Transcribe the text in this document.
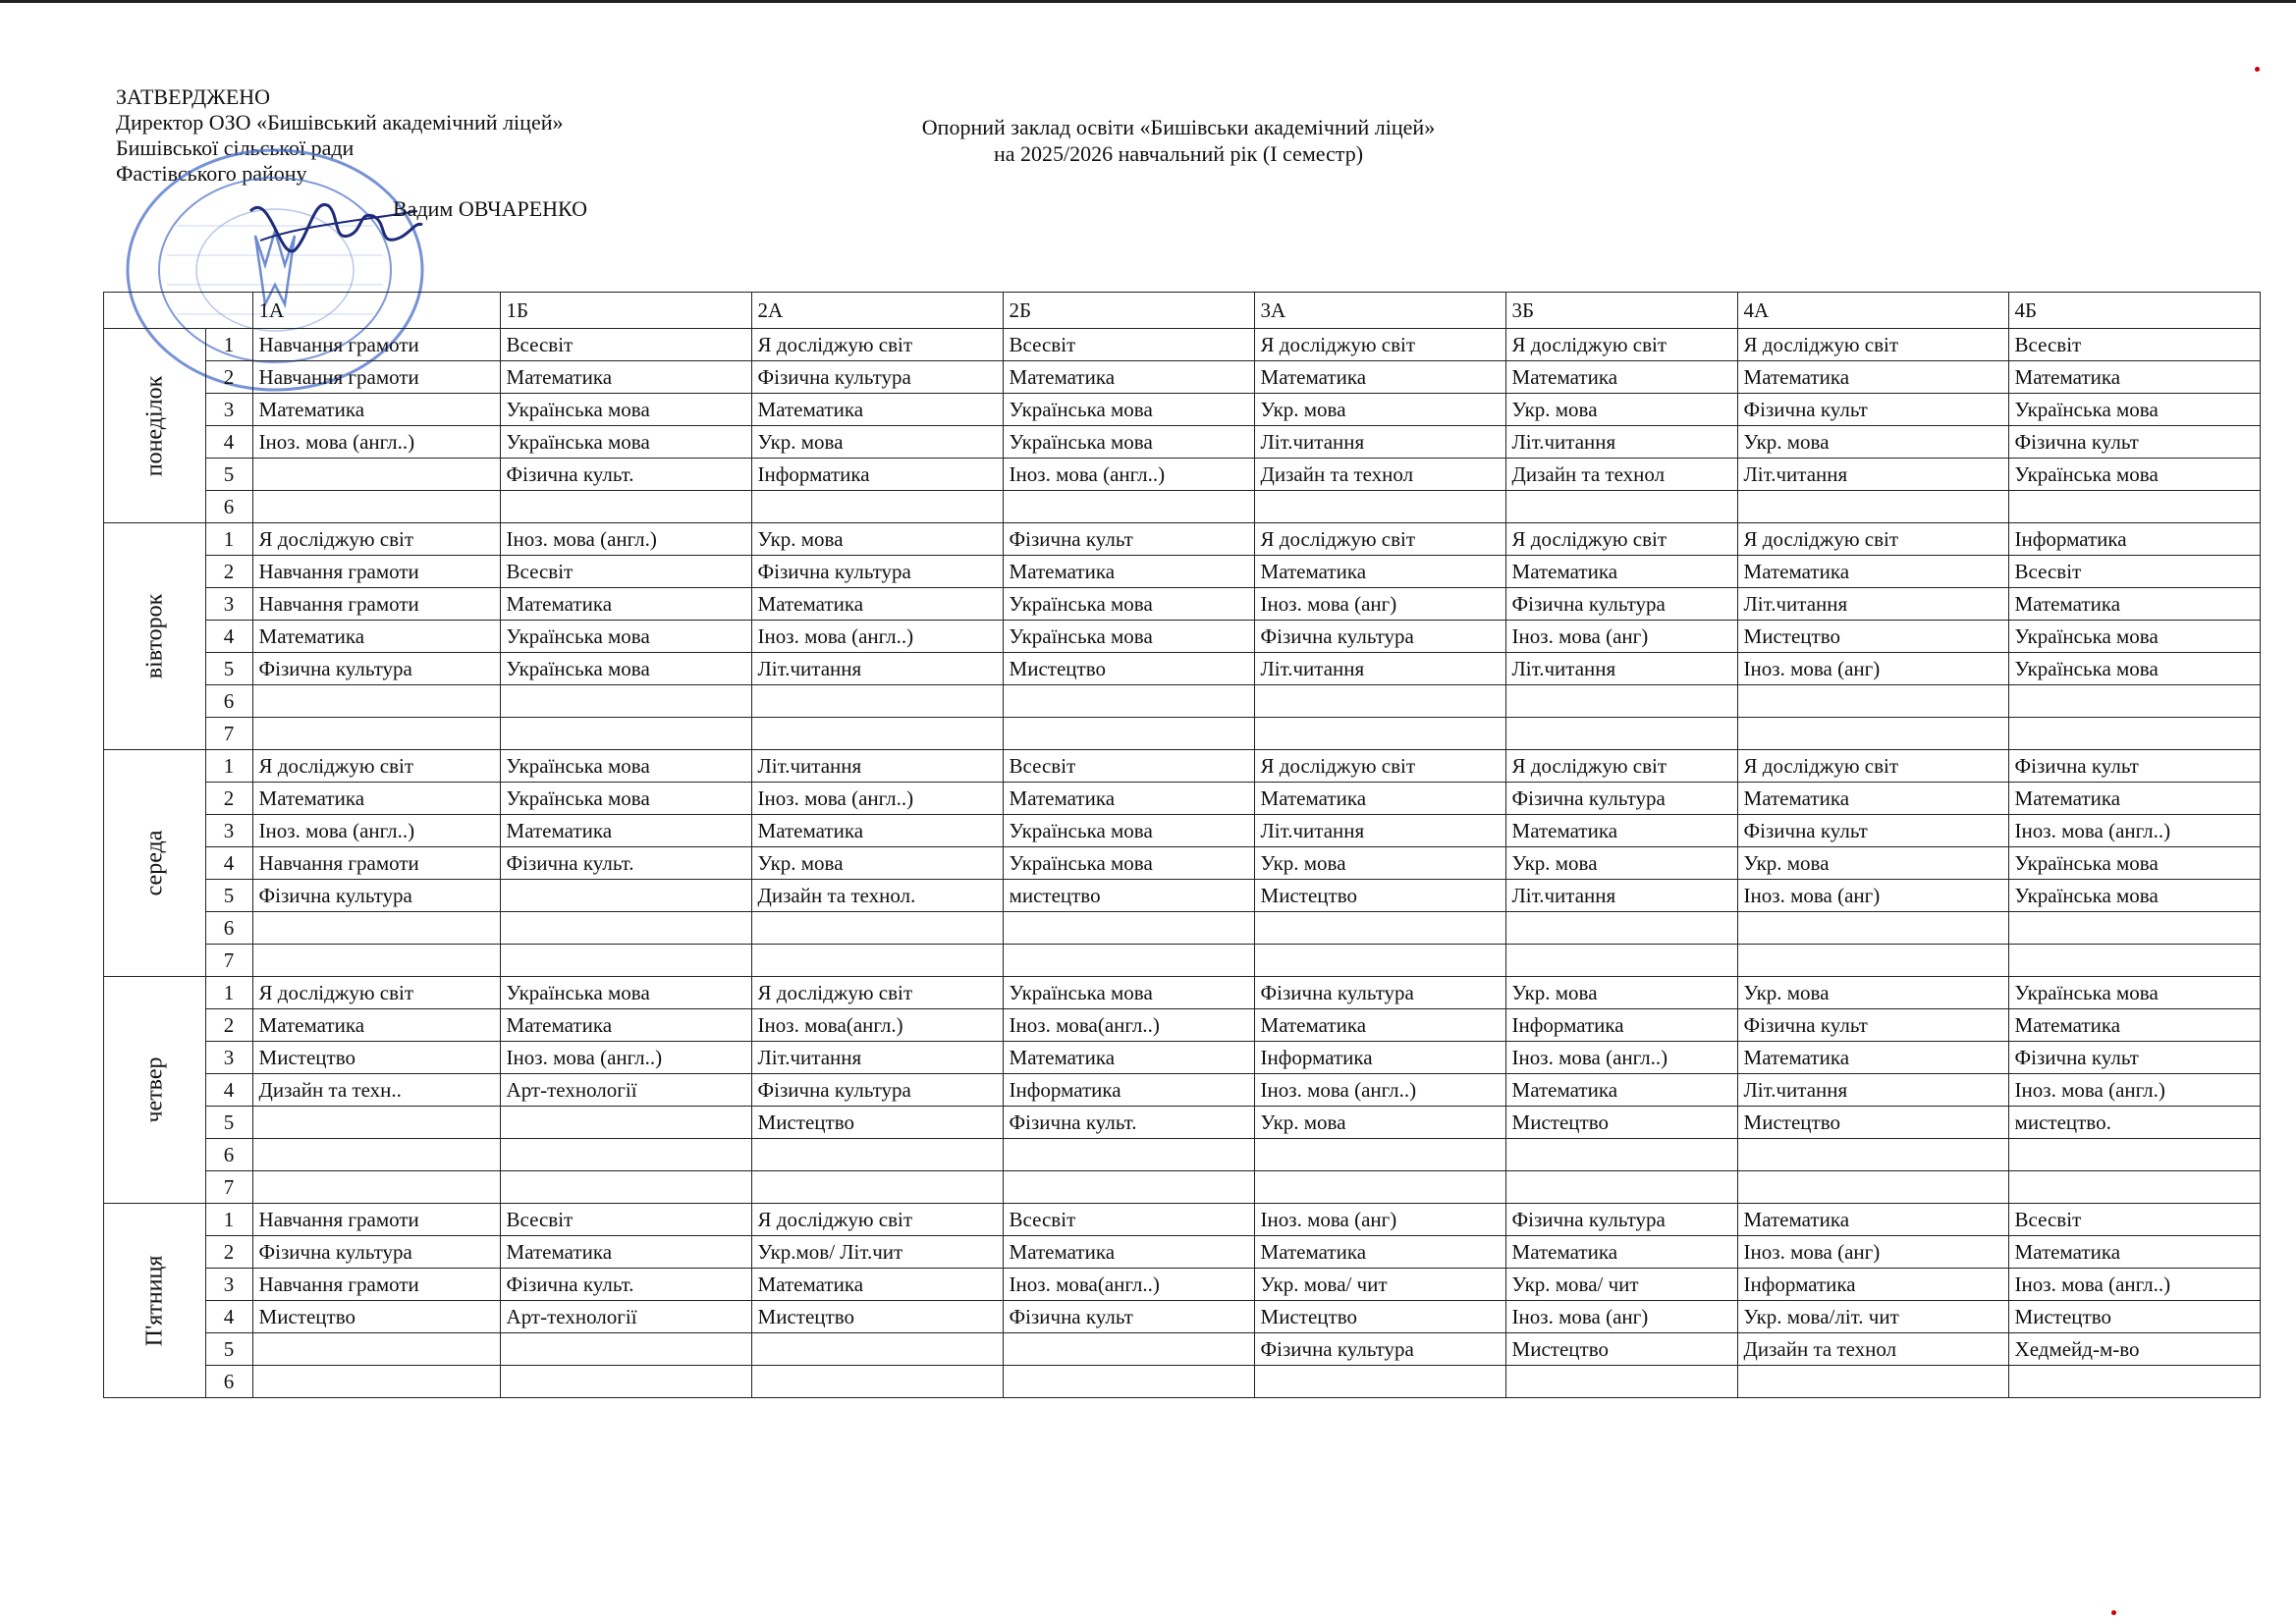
ЗАТВЕРДЖЕНО
Директор ОЗО «Бишівський академічний ліцей»
Бишівської сільської ради
Фастівського району
Вадим ОВЧАРЕНКО
Опорний заклад освіти «Бишівськи академічний ліцей»
на 2025/2026 навчальний рік (І семестр)
		1А	1Б	2А	2Б	3А	3Б	4А	4Б
понеділок	1	Навчання грамоти	Всесвіт	Я досліджую світ	Всесвіт	Я досліджую світ	Я досліджую світ	Я досліджую світ	Всесвіт
	2	Навчання грамоти	Математика	Фізична культура	Математика	Математика	Математика	Математика	Математика
	3	Математика	Українська мова	Математика	Українська мова	Укр. мова	Укр. мова	Фізична культ	Українська мова
	4	Іноз. мова (англ..)	Українська мова	Укр. мова	Українська мова	Літ.читання	Літ.читання	Укр. мова	Фізична культ
	5		Фізична культ.	Інформатика	Іноз. мова (англ..)	Дизайн та технол	Дизайн та технол	Літ.читання	Українська мова
	6								
вівторок	1	Я досліджую світ	Іноз. мова (англ.)	Укр. мова	Фізична культ	Я досліджую світ	Я досліджую світ	Я досліджую світ	Інформатика
	2	Навчання грамоти	Всесвіт	Фізична культура	Математика	Математика	Математика	Математика	Всесвіт
	3	Навчання грамоти	Математика	Математика	Українська мова	Іноз. мова (анг)	Фізична культура	Літ.читання	Математика
	4	Математика	Українська мова	Іноз. мова (англ..)	Українська мова	Фізична культура	Іноз. мова (анг)	Мистецтво	Українська мова
	5	Фізична культура	Українська мова	Літ.читання	Мистецтво	Літ.читання	Літ.читання	Іноз. мова (анг)	Українська мова
	6								
	7								
середа	1	Я досліджую світ	Українська мова	Літ.читання	Всесвіт	Я досліджую світ	Я досліджую світ	Я досліджую світ	Фізична культ
	2	Математика	Українська мова	Іноз. мова (англ..)	Математика	Математика	Фізична культура	Математика	Математика
	3	Іноз. мова (англ..)	Математика	Математика	Українська мова	Літ.читання	Математика	Фізична культ	Іноз. мова (англ..)
	4	Навчання грамоти	Фізична культ.	Укр. мова	Українська мова	Укр. мова	Укр. мова	Укр. мова	Українська мова
	5	Фізична культура		Дизайн та технол.	мистецтво	Мистецтво	Літ.читання	Іноз. мова (анг)	Українська мова
	6								
	7								
четвер	1	Я досліджую світ	Українська мова	Я досліджую світ	Українська мова	Фізична культура	Укр. мова	Укр. мова	Українська мова
	2	Математика	Математика	Іноз. мова(англ.)	Іноз. мова(англ..)	Математика	Інформатика	Фізична культ	Математика
	3	Мистецтво	Іноз. мова (англ..)	Літ.читання	Математика	Інформатика	Іноз. мова (англ..)	Математика	Фізична культ
	4	Дизайн та техн..	Арт-технології	Фізична культура	Інформатика	Іноз. мова (англ..)	Математика	Літ.читання	Іноз. мова (англ.)
	5			Мистецтво	Фізична культ.	Укр. мова	Мистецтво	Мистецтво	мистецтво.
	6								
	7								
П'ятниця	1	Навчання грамоти	Всесвіт	Я досліджую світ	Всесвіт	Іноз. мова (анг)	Фізична культура	Математика	Всесвіт
	2	Фізична культура	Математика	Укр.мов/ Літ.чит	Математика	Математика	Математика	Іноз. мова (анг)	Математика
	3	Навчання грамоти	Фізична культ.	Математика	Іноз. мова(англ..)	Укр. мова/ чит	Укр. мова/ чит	Інформатика	Іноз. мова (англ..)
	4	Мистецтво	Арт-технології	Мистецтво	Фізична культ	Мистецтво	Іноз. мова (анг)	Укр. мова/літ. чит	Мистецтво
	5					Фізична культура	Мистецтво	Дизайн та технол	Хедмейд-м-во
	6								
